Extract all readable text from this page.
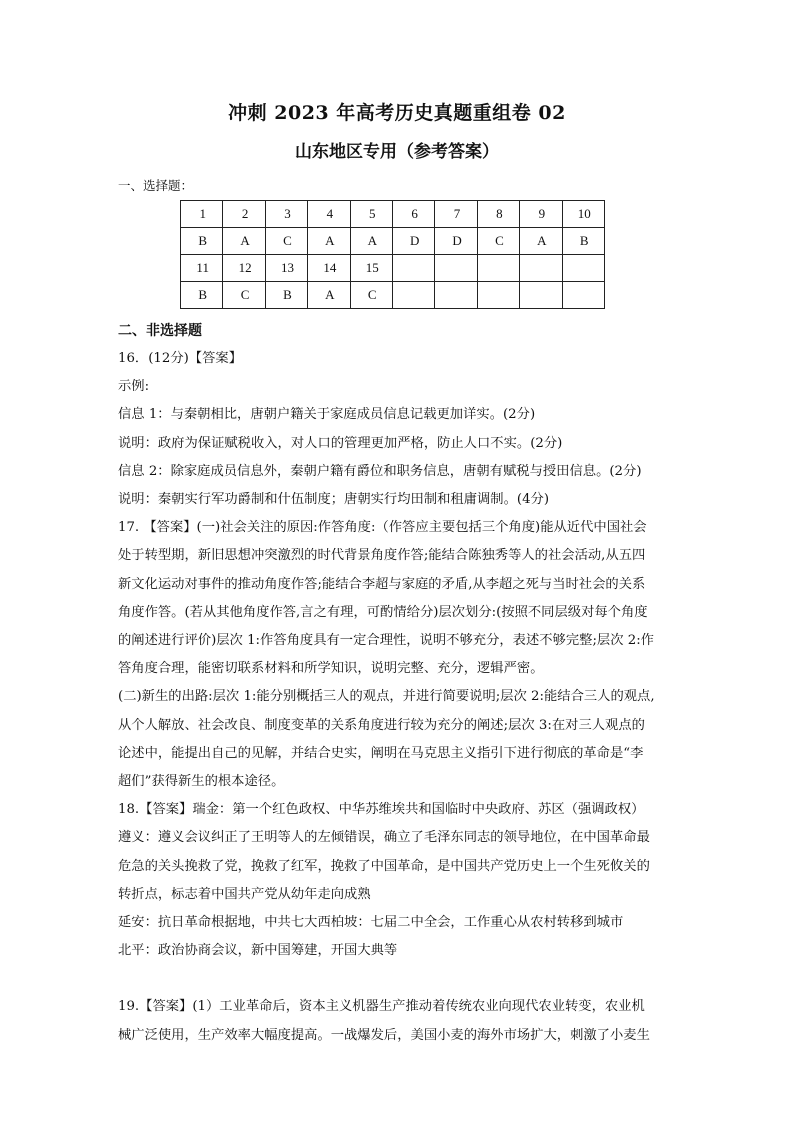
冲刺 2023 年高考历史真题重组卷 02
山东地区专用（参考答案）
一、选择题：
1	2	3	4	5	6	7	8	9	10
B	A	C	A	A	D	D	C	A	B
11	12	13	14	15					
B	C	B	A	C					
二、非选择题

16．(12分)【答案】

示例:

信息 1：与秦朝相比，唐朝户籍关于家庭成员信息记载更加详实。(2分)

说明：政府为保证赋税收入，对人口的管理更加严格，防止人口不实。(2分)

信息 2：除家庭成员信息外，秦朝户籍有爵位和职务信息，唐朝有赋税与授田信息。(2分)

说明：秦朝实行军功爵制和什伍制度；唐朝实行均田制和租庸调制。(4分)

17. 【答案】(一)社会关注的原因:作答角度:（作答应主要包括三个角度)能从近代中国社会

处于转型期，新旧思想冲突激烈的时代背景角度作答;能结合陈独秀等人的社会活动,从五四

新文化运动对事件的推动角度作答;能结合李超与家庭的矛盾,从李超之死与当时社会的关系

角度作答。(若从其他角度作答,言之有理，可酌情给分)层次划分:(按照不同层级对每个角度

的阐述进行评价)层次 1:作答角度具有一定合理性，说明不够充分，表述不够完整;层次 2:作

答角度合理，能密切联系材料和所学知识，说明完整、充分，逻辑严密。

(二)新生的出路:层次 1:能分别概括三人的观点，并进行简要说明;层次 2:能结合三人的观点,

从个人解放、社会改良、制度变革的关系角度进行较为充分的阐述;层次 3:在对三人观点的

论述中，能提出自己的见解，并结合史实，阐明在马克思主义指引下进行彻底的革命是“李

超们”获得新生的根本途径。

18.【答案】瑞金：第一个红色政权、中华苏维埃共和国临时中央政府、苏区（强调政权）

遵义：遵义会议纠正了王明等人的左倾错误，确立了毛泽东同志的领导地位，在中国革命最

危急的关头挽救了党，挽救了红军，挽救了中国革命，是中国共产党历史上一个生死攸关的

转折点，标志着中国共产党从幼年走向成熟

延安：抗日革命根据地，中共七大西柏坡：七届二中全会，工作重心从农村转移到城市

北平：政治协商会议，新中国筹建，开国大典等

19.【答案】(1）工业革命后，资本主义机器生产推动着传统农业向现代农业转变，农业机

械广泛使用，生产效率大幅度提高。一战爆发后，美国小麦的海外市场扩大，刺激了小麦生
